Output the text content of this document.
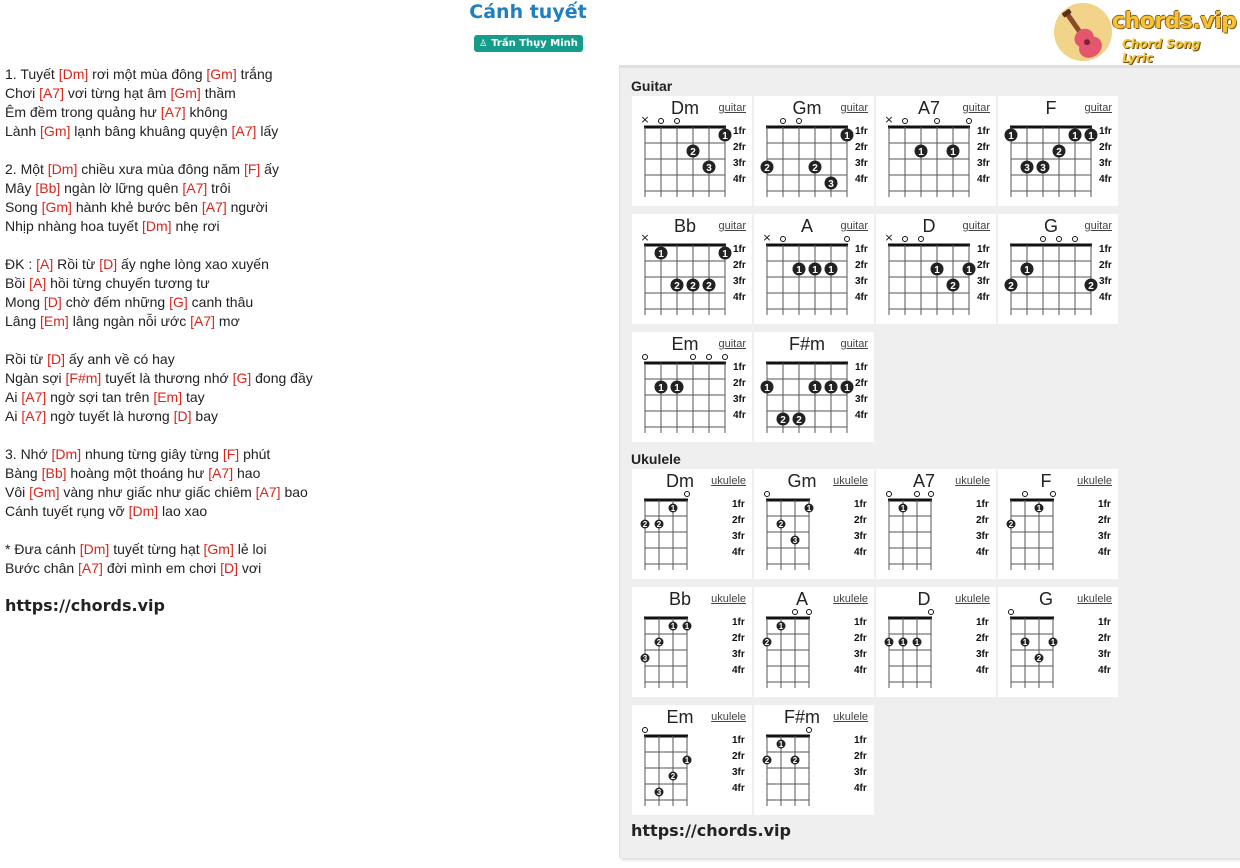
Cánh tuyết
♙ Trần Thụy Minh
chords.vip
Chord Song Lyric
1. Tuyết [Dm] rơi một mùa đông [Gm] trắng
Chơi [A7] vơi từng hạt âm [Gm] thầm
Êm đềm trong quảng hư [A7] không
Lành [Gm] lạnh bâng khuâng quyện [A7] lấy
2. Một [Dm] chiều xưa mùa đông năm [F] ấy
Mây [Bb] ngàn lờ lững quên [A7] trôi
Song [Gm] hành khẻ bước bên [A7] người
Nhịp nhàng hoa tuyết [Dm] nhẹ rơi
ĐK : [A] Rồi từ [D] ấy nghe lòng xao xuyến
Bồi [A] hồi từng chuyến tương tư
Mong [D] chờ đếm những [G] canh thâu
Lâng [Em] lâng ngàn nỗi ước [A7] mơ
Rồi từ [D] ấy anh về có hay
Ngàn sợi [F#m] tuyết là thương nhớ [G] đong đầy
Ai [A7] ngờ sợi tan trên [Em] tay
Ai [A7] ngờ tuyết là hương [D] bay
3. Nhớ [Dm] nhung từng giây từng [F] phút
Bàng [Bb] hoàng một thoáng hư [A7] hao
Vôi [Gm] vàng như giấc như giấc chiêm [A7] bao
Cánh tuyết rụng vỡ [Dm] lao xao
* Đưa cánh [Dm] tuyết từng hạt [Gm] lẻ loi
Bước chân [A7] đời mình em chơi [D] vơi
https://chords.vip
Guitar
Dm
1fr
2fr
3fr
4fr
×
2
3
1
guitar	Gm
1fr
2fr
3fr
4fr
2	2
3
1
guitar	A7
1fr
2fr
3fr
4fr
×
1	1
guitar	F
1fr
2fr
3fr
4fr
1
3 3
2
1 1
guitar
Bb
1fr
2fr
3fr
4fr
×
1
2 2 2
1
guitar	A
1fr
2fr
3fr
4fr
×
1 1 1
guitar	D
1fr
2fr
3fr
4fr
×
1
2
1
guitar	G
1fr
2fr
3fr
4fr
2
1
2
guitar
Em
1fr
2fr
3fr
4fr
1 1
guitar F#m
1fr
2fr
3fr
4fr
1
2 2
1 1 1
guitar
Ukulele
Dm
1fr
2fr
3fr
4fr
2 2
1
ukulele Gm
1fr
2fr
3fr
4fr
2
3
1
ukulele A7
1fr
2fr
3fr
4fr
1
ukulele	F
1fr
2fr
3fr
4fr
2
1
ukulele
Bb
1fr
2fr
3fr
4fr
3
2
1 1
ukulele	A
1fr
2fr
3fr
4fr
2
1
ukulele	D
1fr
2fr
3fr
4fr
1 1 1
ukulele	G
1fr
2fr
3fr
4fr
1
2
1
ukulele
Em
1fr
2fr
3fr
4fr
3
2
1
ukulele F#m
1fr
2fr
3fr
4fr
2
1
2
ukulele
https://chords.vip
